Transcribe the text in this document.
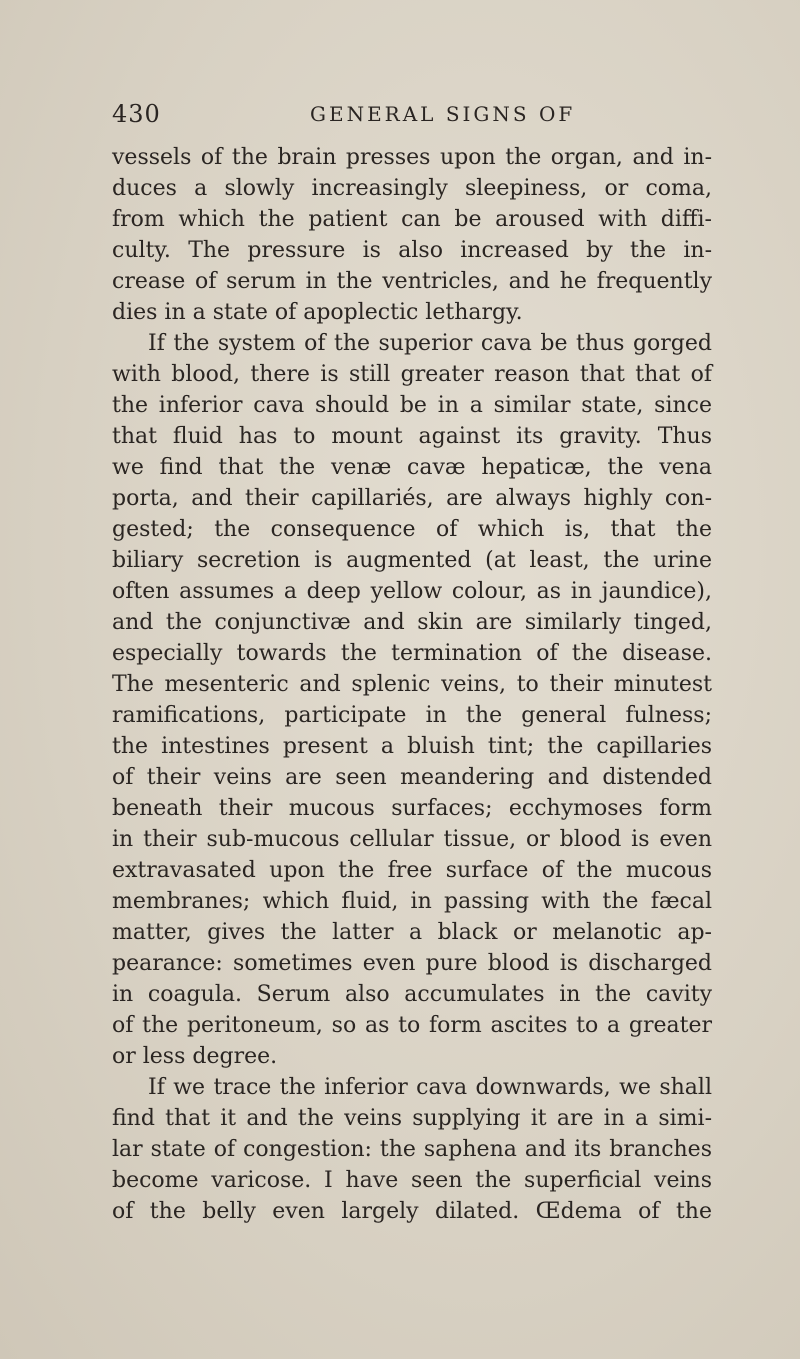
430	GENERAL SIGNS OF
vessels of the brain presses upon the organ, and in-
duces a slowly increasingly sleepiness, or coma,
from which the patient can be aroused with diffi-
culty. The pressure is also increased by the in-
crease of serum in the ventricles, and he frequently
dies in a state of apoplectic lethargy.
If the system of the superior cava be thus gorged
with blood, there is still greater reason that that of
the inferior cava should be in a similar state, since
that fluid has to mount against its gravity. Thus
we find that the venæ cavæ hepaticæ, the vena
porta, and their capillariés, are always highly con-
gested; the consequence of which is, that the
biliary secretion is augmented (at least, the urine
often assumes a deep yellow colour, as in jaundice),
and the conjunctivæ and skin are similarly tinged,
especially towards the termination of the disease.
The mesenteric and splenic veins, to their minutest
ramifications, participate in the general fulness;
the intestines present a bluish tint; the capillaries
of their veins are seen meandering and distended
beneath their mucous surfaces; ecchymoses form
in their sub-mucous cellular tissue, or blood is even
extravasated upon the free surface of the mucous
membranes; which fluid, in passing with the fæcal
matter, gives the latter a black or melanotic ap-
pearance: sometimes even pure blood is discharged
in coagula. Serum also accumulates in the cavity
of the peritoneum, so as to form ascites to a greater
or less degree.
If we trace the inferior cava downwards, we shall
find that it and the veins supplying it are in a simi-
lar state of congestion: the saphena and its branches
become varicose. I have seen the superficial veins
of the belly even largely dilated. Œdema of the
